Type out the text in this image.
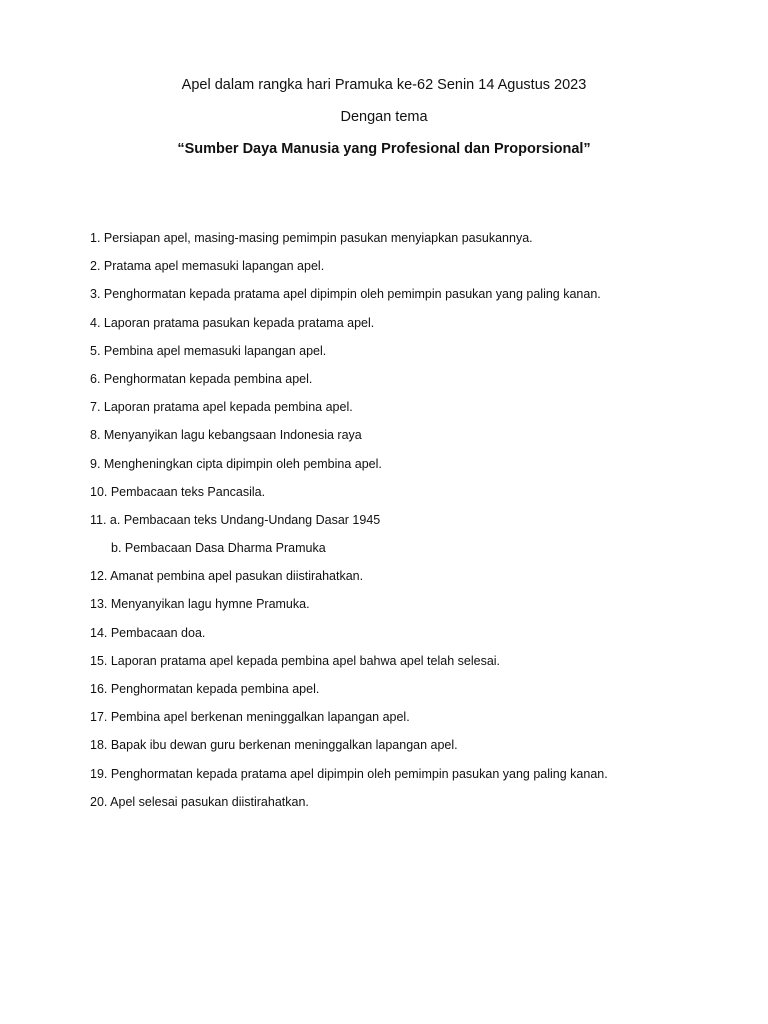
Apel dalam rangka hari Pramuka ke-62 Senin 14 Agustus 2023
Dengan tema
“Sumber Daya Manusia yang Profesional dan Proporsional”
1. Persiapan apel, masing-masing pemimpin pasukan menyiapkan pasukannya.
2. Pratama apel memasuki lapangan apel.
3. Penghormatan kepada pratama apel dipimpin oleh pemimpin pasukan yang paling kanan.
4. Laporan pratama pasukan kepada pratama apel.
5. Pembina apel memasuki lapangan apel.
6. Penghormatan kepada pembina apel.
7. Laporan pratama apel kepada pembina apel.
8. Menyanyikan lagu kebangsaan Indonesia raya
9. Mengheningkan cipta dipimpin oleh pembina apel.
10. Pembacaan teks Pancasila.
11. a. Pembacaan teks Undang-Undang Dasar 1945
b. Pembacaan Dasa Dharma Pramuka
12. Amanat pembina apel pasukan diistirahatkan.
13. Menyanyikan lagu hymne Pramuka.
14. Pembacaan doa.
15. Laporan pratama apel kepada pembina apel bahwa apel telah selesai.
16. Penghormatan kepada pembina apel.
17. Pembina apel berkenan meninggalkan lapangan apel.
18. Bapak ibu dewan guru berkenan meninggalkan lapangan apel.
19. Penghormatan kepada pratama apel dipimpin oleh pemimpin pasukan yang paling kanan.
20. Apel selesai pasukan diistirahatkan.
